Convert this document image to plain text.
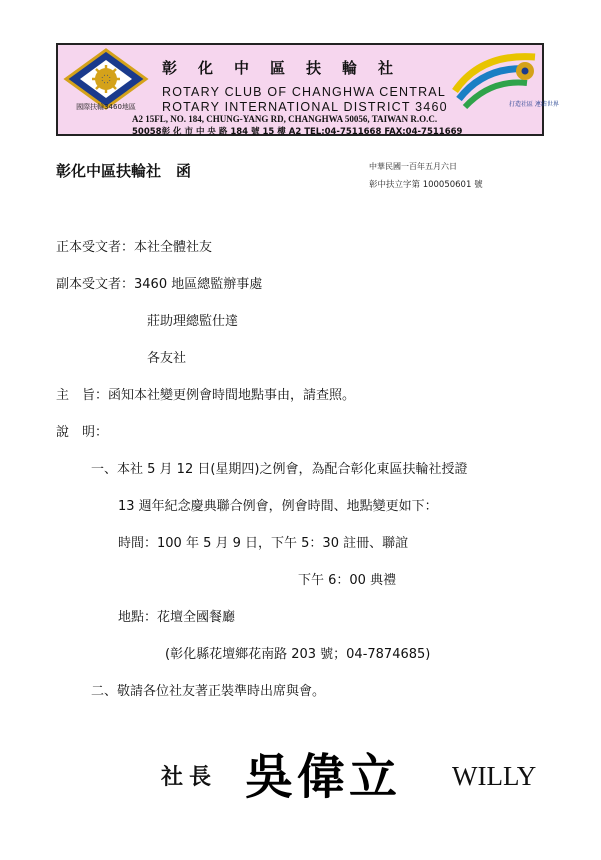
國際扶輪3460地區
彰化中區扶輪社
ROTARY CLUB OF CHANGHWA CENTRAL
ROTARY INTERNATIONAL DISTRICT 3460	打造社區 連結世界
A2 15FL, NO. 184, CHUNG-YANG RD, CHANGHWA 50056, TAIWAN R.O.C.
50058彰 化 市 中 央 路 184 號 15 樓 A2 TEL:04-7511668 FAX:04-7511669
彰化中區扶輪社　函	中華民國一百年五月六日
彰中扶立字第 100050601 號
正本受文者：本社全體社友
副本受文者：3460 地區總監辦事處
莊助理總監仕達
各友社
主　旨：函知本社變更例會時間地點事由，請查照。
說　明：
一、本社 5 月 12 日(星期四)之例會，為配合彰化東區扶輪社授證
13 週年紀念慶典聯合例會，例會時間、地點變更如下：
時間：100 年 5 月 9 日，下午 5：30 註冊、聯誼
下午 6：00 典禮
地點：花壇全國餐廳
(彰化縣花壇鄉花南路 203 號；04-7874685)
二、敬請各位社友著正裝準時出席與會。
社長 吳偉立 WILLY
